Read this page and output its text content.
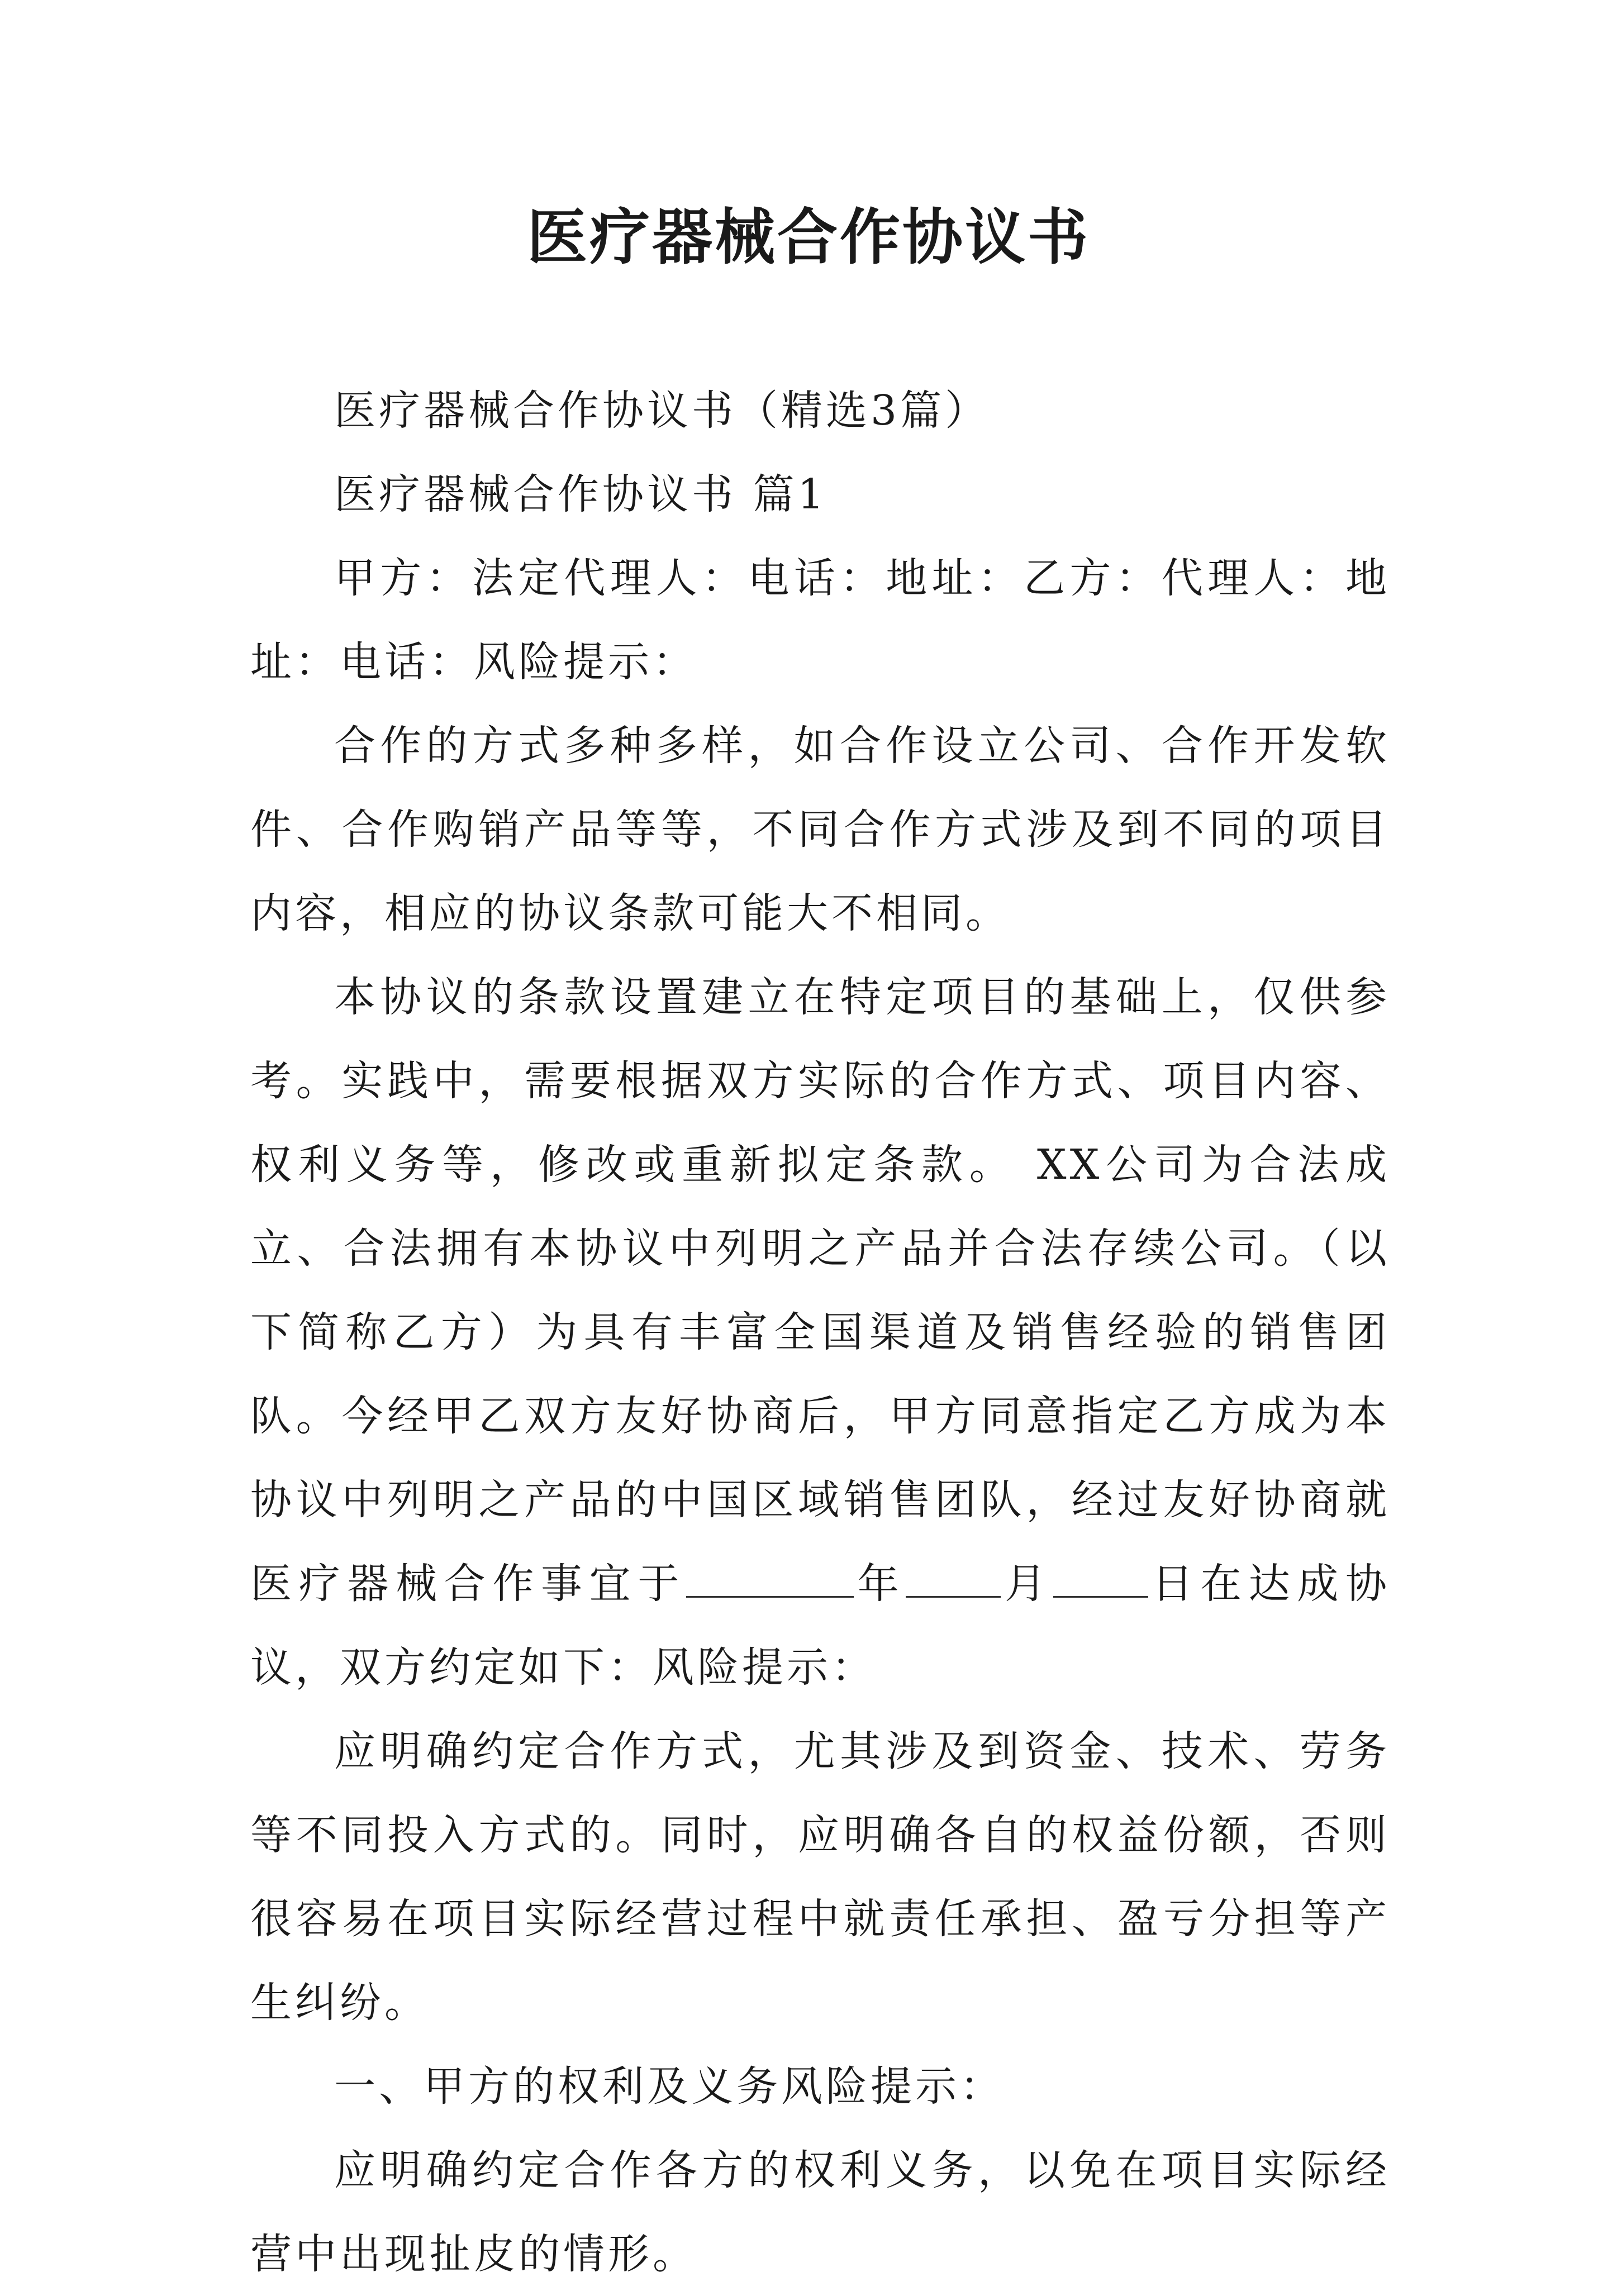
医疗器械合作协议书

医疗器械合作协议书（精选3篇）

医疗器械合作协议书 篇1

甲方：法定代理人：电话：地址：乙方：代理人：地址：电话：风险提示：

合作的方式多种多样，如合作设立公司、合作开发软件、合作购销产品等等，不同合作方式涉及到不同的项目内容，相应的协议条款可能大不相同。

本协议的条款设置建立在特定项目的基础上，仅供参考。实践中，需要根据双方实际的合作方式、项目内容、权利义务等，修改或重新拟定条款。 XX公司为合法成立、合法拥有本协议中列明之产品并合法存续公司。（以下简称乙方）为具有丰富全国渠道及销售经验的销售团队。今经甲乙双方友好协商后，甲方同意指定乙方成为本协议中列明之产品的中国区域销售团队，经过友好协商就医疗器械合作事宜于	年 月 日在达成协议，双方约定如下：风险提示：

应明确约定合作方式，尤其涉及到资金、技术、劳务等不同投入方式的。同时，应明确各自的权益份额，否则很容易在项目实际经营过程中就责任承担、盈亏分担等产生纠纷。

一、甲方的权利及义务风险提示：

应明确约定合作各方的权利义务，以免在项目实际经营中出现扯皮的情形。
